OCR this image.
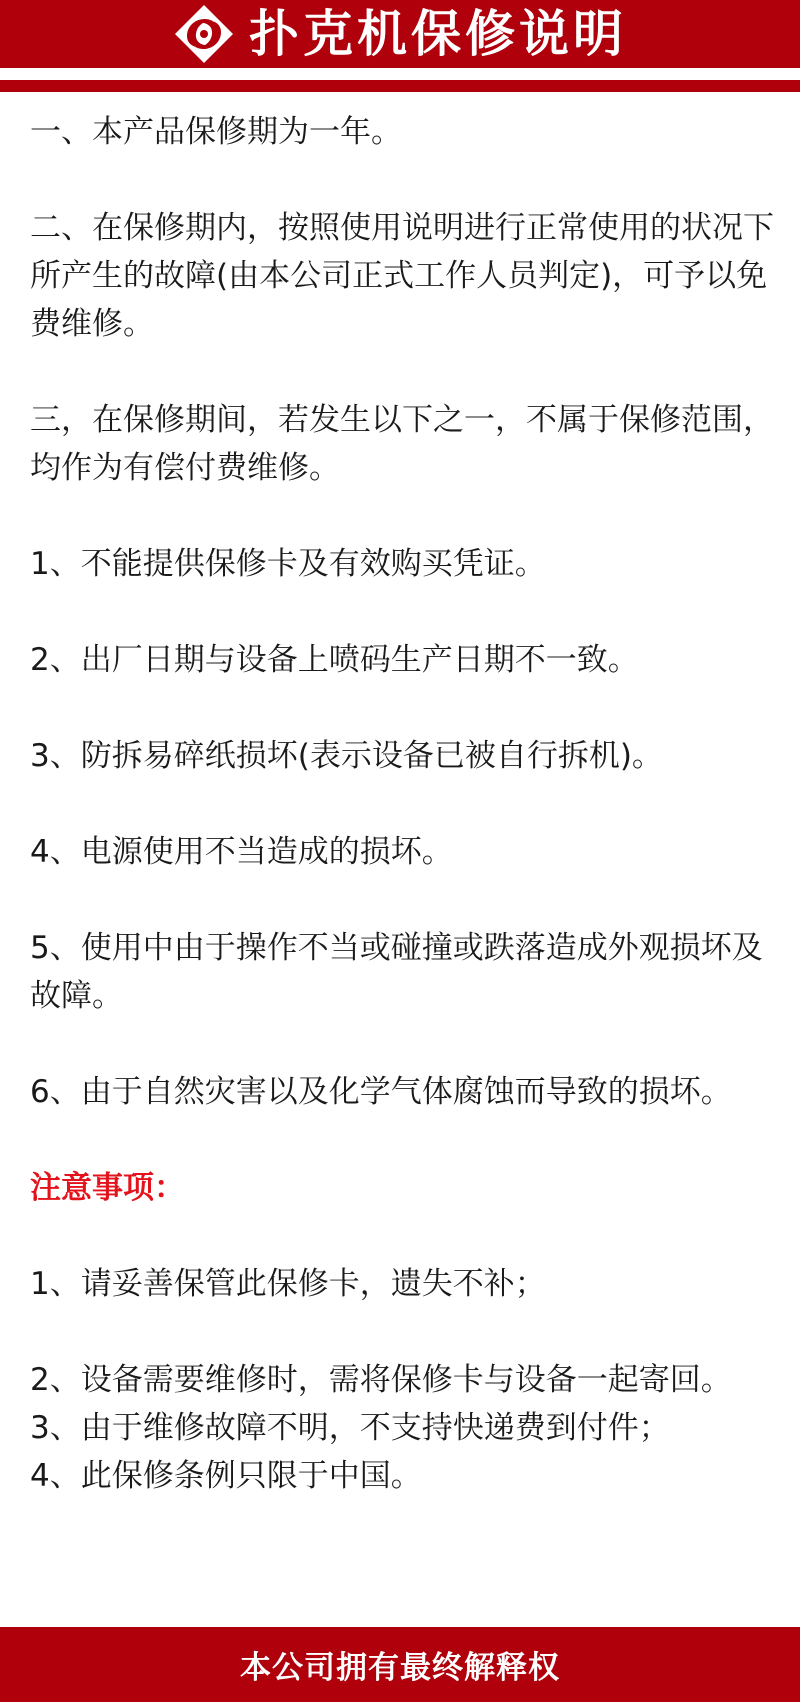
扑克机保修说明

一、本产品保修期为一年。

二、在保修期内，按照使用说明进行正常使用的状况下所产生的故障(由本公司正式工作人员判定)，可予以免费维修。

三，在保修期间，若发生以下之一，不属于保修范围，均作为有偿付费维修。

1、不能提供保修卡及有效购买凭证。

2、出厂日期与设备上喷码生产日期不一致。

3、防拆易碎纸损坏(表示设备已被自行拆机)。

4、电源使用不当造成的损坏。

5、使用中由于操作不当或碰撞或跌落造成外观损坏及故障。

6、由于自然灾害以及化学气体腐蚀而导致的损坏。

注意事项：

1、请妥善保管此保修卡，遗失不补；

2、设备需要维修时，需将保修卡与设备一起寄回。

3、由于维修故障不明，不支持快递费到付件；

4、此保修条例只限于中国。

本公司拥有最终解释权
